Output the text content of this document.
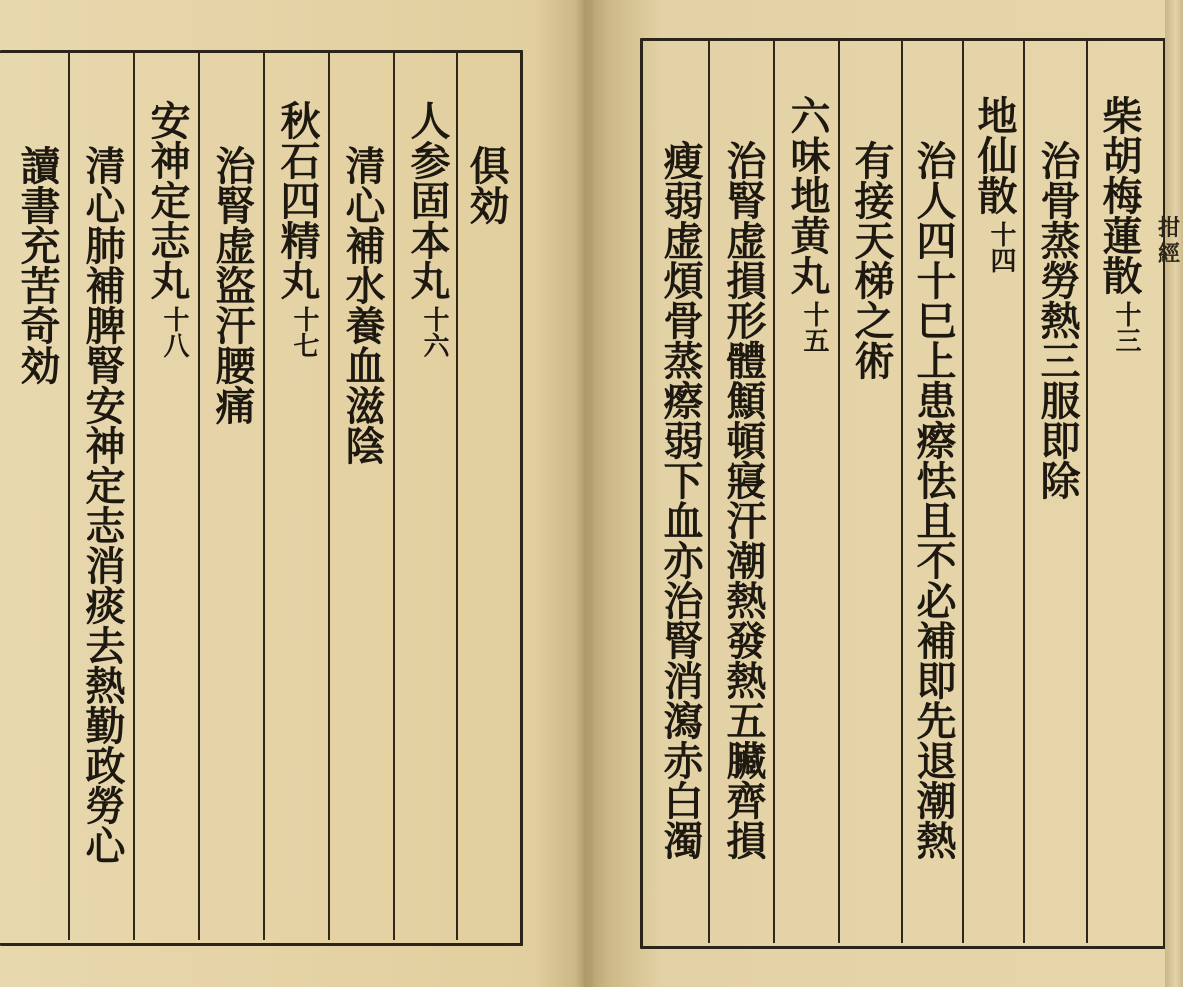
俱効
人参固本丸
十六
清心補水養血滋陰
秋石四精丸
十七
治腎虚盜汗腰痛
安神定志丸
十八
清心肺補脾腎安神定志消痰去熱勤政勞心
讀書充苦奇効	柴胡梅蓮散
十三
治骨蒸勞熱三服即除
地仙散
十四
治人四十巳上患瘵怯且不必補即先退潮熱
有接天梯之術
六味地黄丸
十五
治腎虚損形體顦頓寢汗潮熱發熱五臟齊損
瘦弱虚煩骨蒸瘵弱下血亦治腎消瀉赤白濁	拑經
